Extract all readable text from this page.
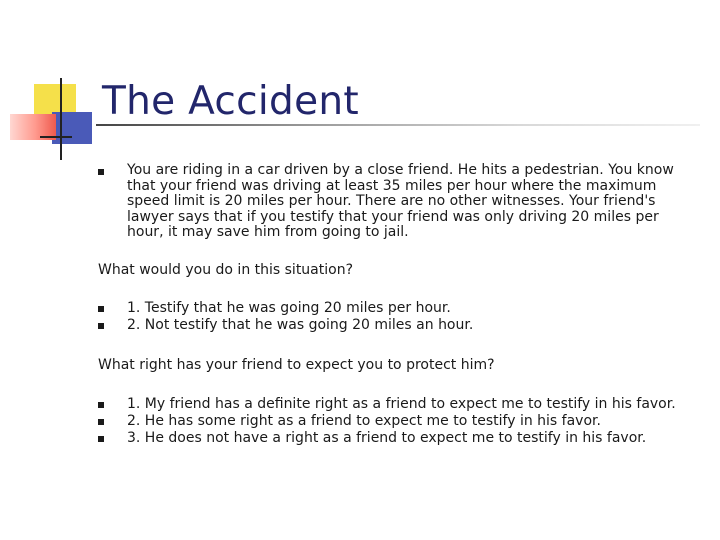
The Accident
You are riding in a car driven by a close friend. He hits a pedestrian. You know that your friend was driving at least 35 miles per hour where the maximum speed limit is 20 miles per hour. There are no other witnesses. Your friend's lawyer says that if you testify that your friend was only driving 20 miles per hour, it may save him from going to jail.

What would you do in this situation?

1. Testify that he was going 20 miles per hour.
2. Not testify that he was going 20 miles an hour.

What right has your friend to expect you to protect him?

1. My friend has a definite right as a friend to expect me to testify in his favor.
2. He has some right as a friend to expect me to testify in his favor.
3. He does not have a right as a friend to expect me to testify in his favor.
